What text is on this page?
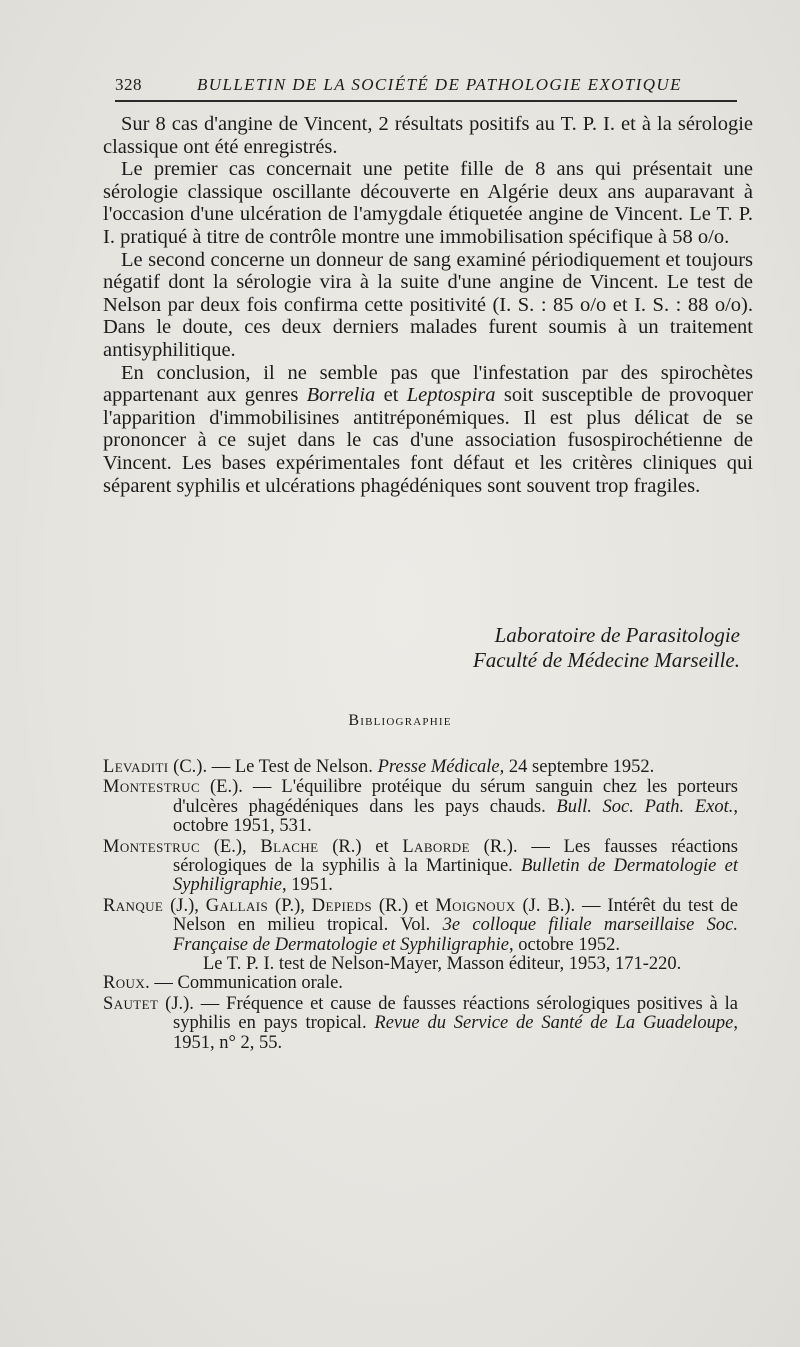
328	BULLETIN DE LA SOCIÉTÉ DE PATHOLOGIE EXOTIQUE

Sur 8 cas d'angine de Vincent, 2 résultats positifs au T. P. I. et à la sérologie classique ont été enregistrés.

Le premier cas concernait une petite fille de 8 ans qui présentait une sérologie classique oscillante découverte en Algérie deux ans auparavant à l'occasion d'une ulcération de l'amygdale étiquetée angine de Vincent. Le T. P. I. pratiqué à titre de contrôle montre une immobilisation spécifique à 58 o/o.

Le second concerne un donneur de sang examiné périodiquement et toujours négatif dont la sérologie vira à la suite d'une angine de Vincent. Le test de Nelson par deux fois confirma cette positivité (I. S. : 85 o/o et I. S. : 88 o/o). Dans le doute, ces deux derniers malades furent soumis à un traitement antisyphilitique.

En conclusion, il ne semble pas que l'infestation par des spirochètes appartenant aux genres Borrelia et Leptospira soit susceptible de provoquer l'apparition d'immobilisines antitréponémiques. Il est plus délicat de se prononcer à ce sujet dans le cas d'une association fusospirochétienne de Vincent. Les bases expérimentales font défaut et les critères cliniques qui séparent syphilis et ulcérations phagédéniques sont souvent trop fragiles.

Laboratoire de Parasitologie
Faculté de Médecine Marseille.
Bibliographie

Levaditi (C.). — Le Test de Nelson. Presse Médicale, 24 septembre 1952.

Montestruc (E.). — L'équilibre protéique du sérum sanguin chez les porteurs d'ulcères phagédéniques dans les pays chauds. Bull. Soc. Path. Exot., octobre 1951, 531.

Montestruc (E.), Blache (R.) et Laborde (R.). — Les fausses réactions sérologiques de la syphilis à la Martinique. Bulletin de Dermatologie et Syphiligraphie, 1951.

Ranque (J.), Gallais (P.), Depieds (R.) et Moignoux (J. B.). — Intérêt du test de Nelson en milieu tropical. Vol. 3e colloque filiale marseillaise Soc. Française de Dermatologie et Syphiligraphie, octobre 1952.

Le T. P. I. test de Nelson-Mayer, Masson éditeur, 1953, 171-220.

Roux. — Communication orale.

Sautet (J.). — Fréquence et cause de fausses réactions sérologiques positives à la syphilis en pays tropical. Revue du Service de Santé de La Guadeloupe, 1951, n° 2, 55.
